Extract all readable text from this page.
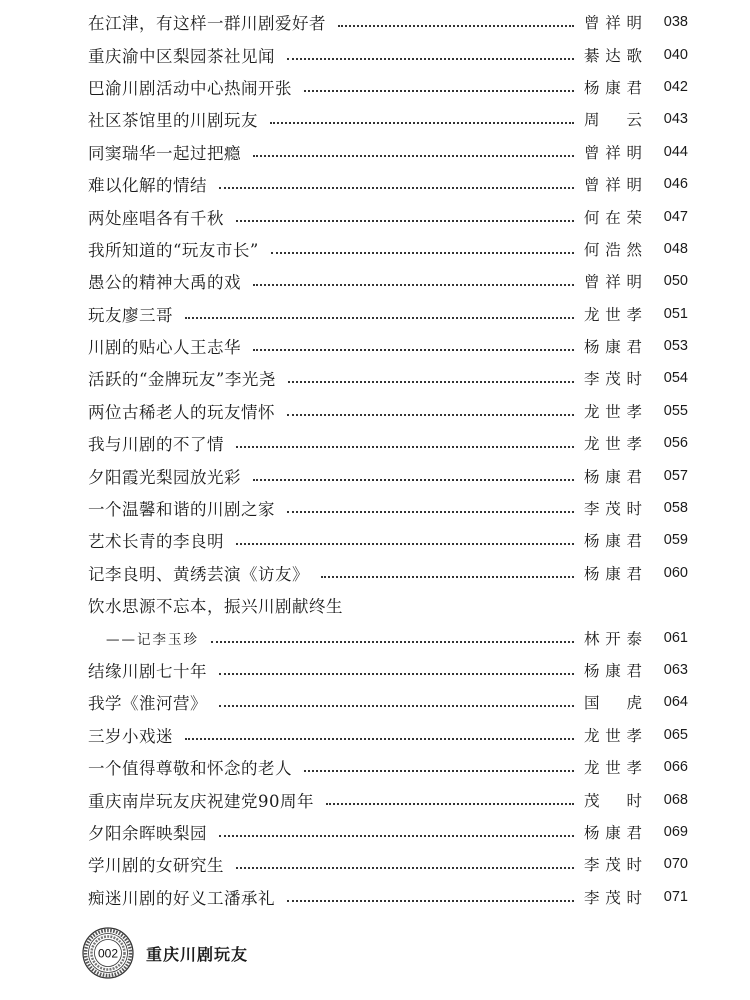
在江津，有这样一群川剧爱好者	曾祥明	038
重庆渝中区梨园茶社见闻	綦达歌	040
巴渝川剧活动中心热闹开张	杨康君	042
社区茶馆里的川剧玩友	周云	043
同窦瑞华一起过把瘾	曾祥明	044
难以化解的情结	曾祥明	046
两处座唱各有千秋	何在荣	047
我所知道的“玩友市长”	何浩然	048
愚公的精神大禹的戏	曾祥明	050
玩友廖三哥	龙世孝	051
川剧的贴心人王志华	杨康君	053
活跃的“金牌玩友”李光尧	李茂时	054
两位古稀老人的玩友情怀	龙世孝	055
我与川剧的不了情	龙世孝	056
夕阳霞光梨园放光彩	杨康君	057
一个温馨和谐的川剧之家	李茂时	058
艺术长青的李良明	杨康君	059
记李良明、黄绣芸演《访友》	杨康君	060
饮水思源不忘本，振兴川剧献终生
——记李玉珍	林开泰	061
结缘川剧七十年	杨康君	063
我学《淮河营》	国虎	064
三岁小戏迷	龙世孝	065
一个值得尊敬和怀念的老人	龙世孝	066
重庆南岸玩友庆祝建党90周年	茂时	068
夕阳余晖映梨园	杨康君	069
学川剧的女研究生	李茂时	070
痴迷川剧的好义工潘承礼	李茂时	071
002 重庆川剧玩友
